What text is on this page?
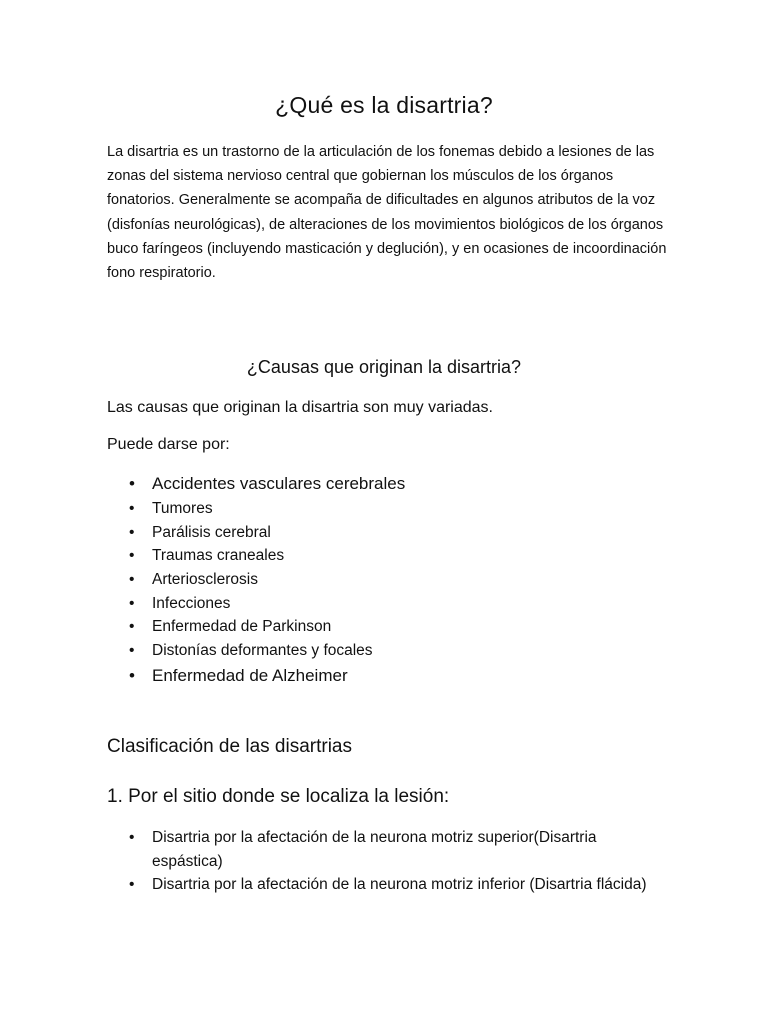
¿Qué es la disartria?
La disartria es un trastorno de la articulación de los fonemas debido a lesiones de las zonas del sistema nervioso central que gobiernan los músculos de los órganos fonatorios. Generalmente se acompaña de dificultades en algunos atributos de la voz (disfonías neurológicas), de alteraciones de los movimientos biológicos de los órganos buco faríngeos (incluyendo masticación y deglución), y en ocasiones de incoordinación fono respiratorio.
¿Causas que originan la disartria?
Las causas que originan la disartria son muy variadas.
Puede darse por:
• Accidentes vasculares cerebrales
• Tumores
• Parálisis cerebral
• Traumas craneales
• Arteriosclerosis
• Infecciones
• Enfermedad de Parkinson
• Distonías deformantes y focales
• Enfermedad de Alzheimer
Clasificación de las disartrias
1. Por el sitio donde se localiza la lesión:
• Disartria por la afectación de la neurona motriz superior(Disartria espástica)
• Disartria por la afectación de la neurona motriz inferior (Disartria flácida)
